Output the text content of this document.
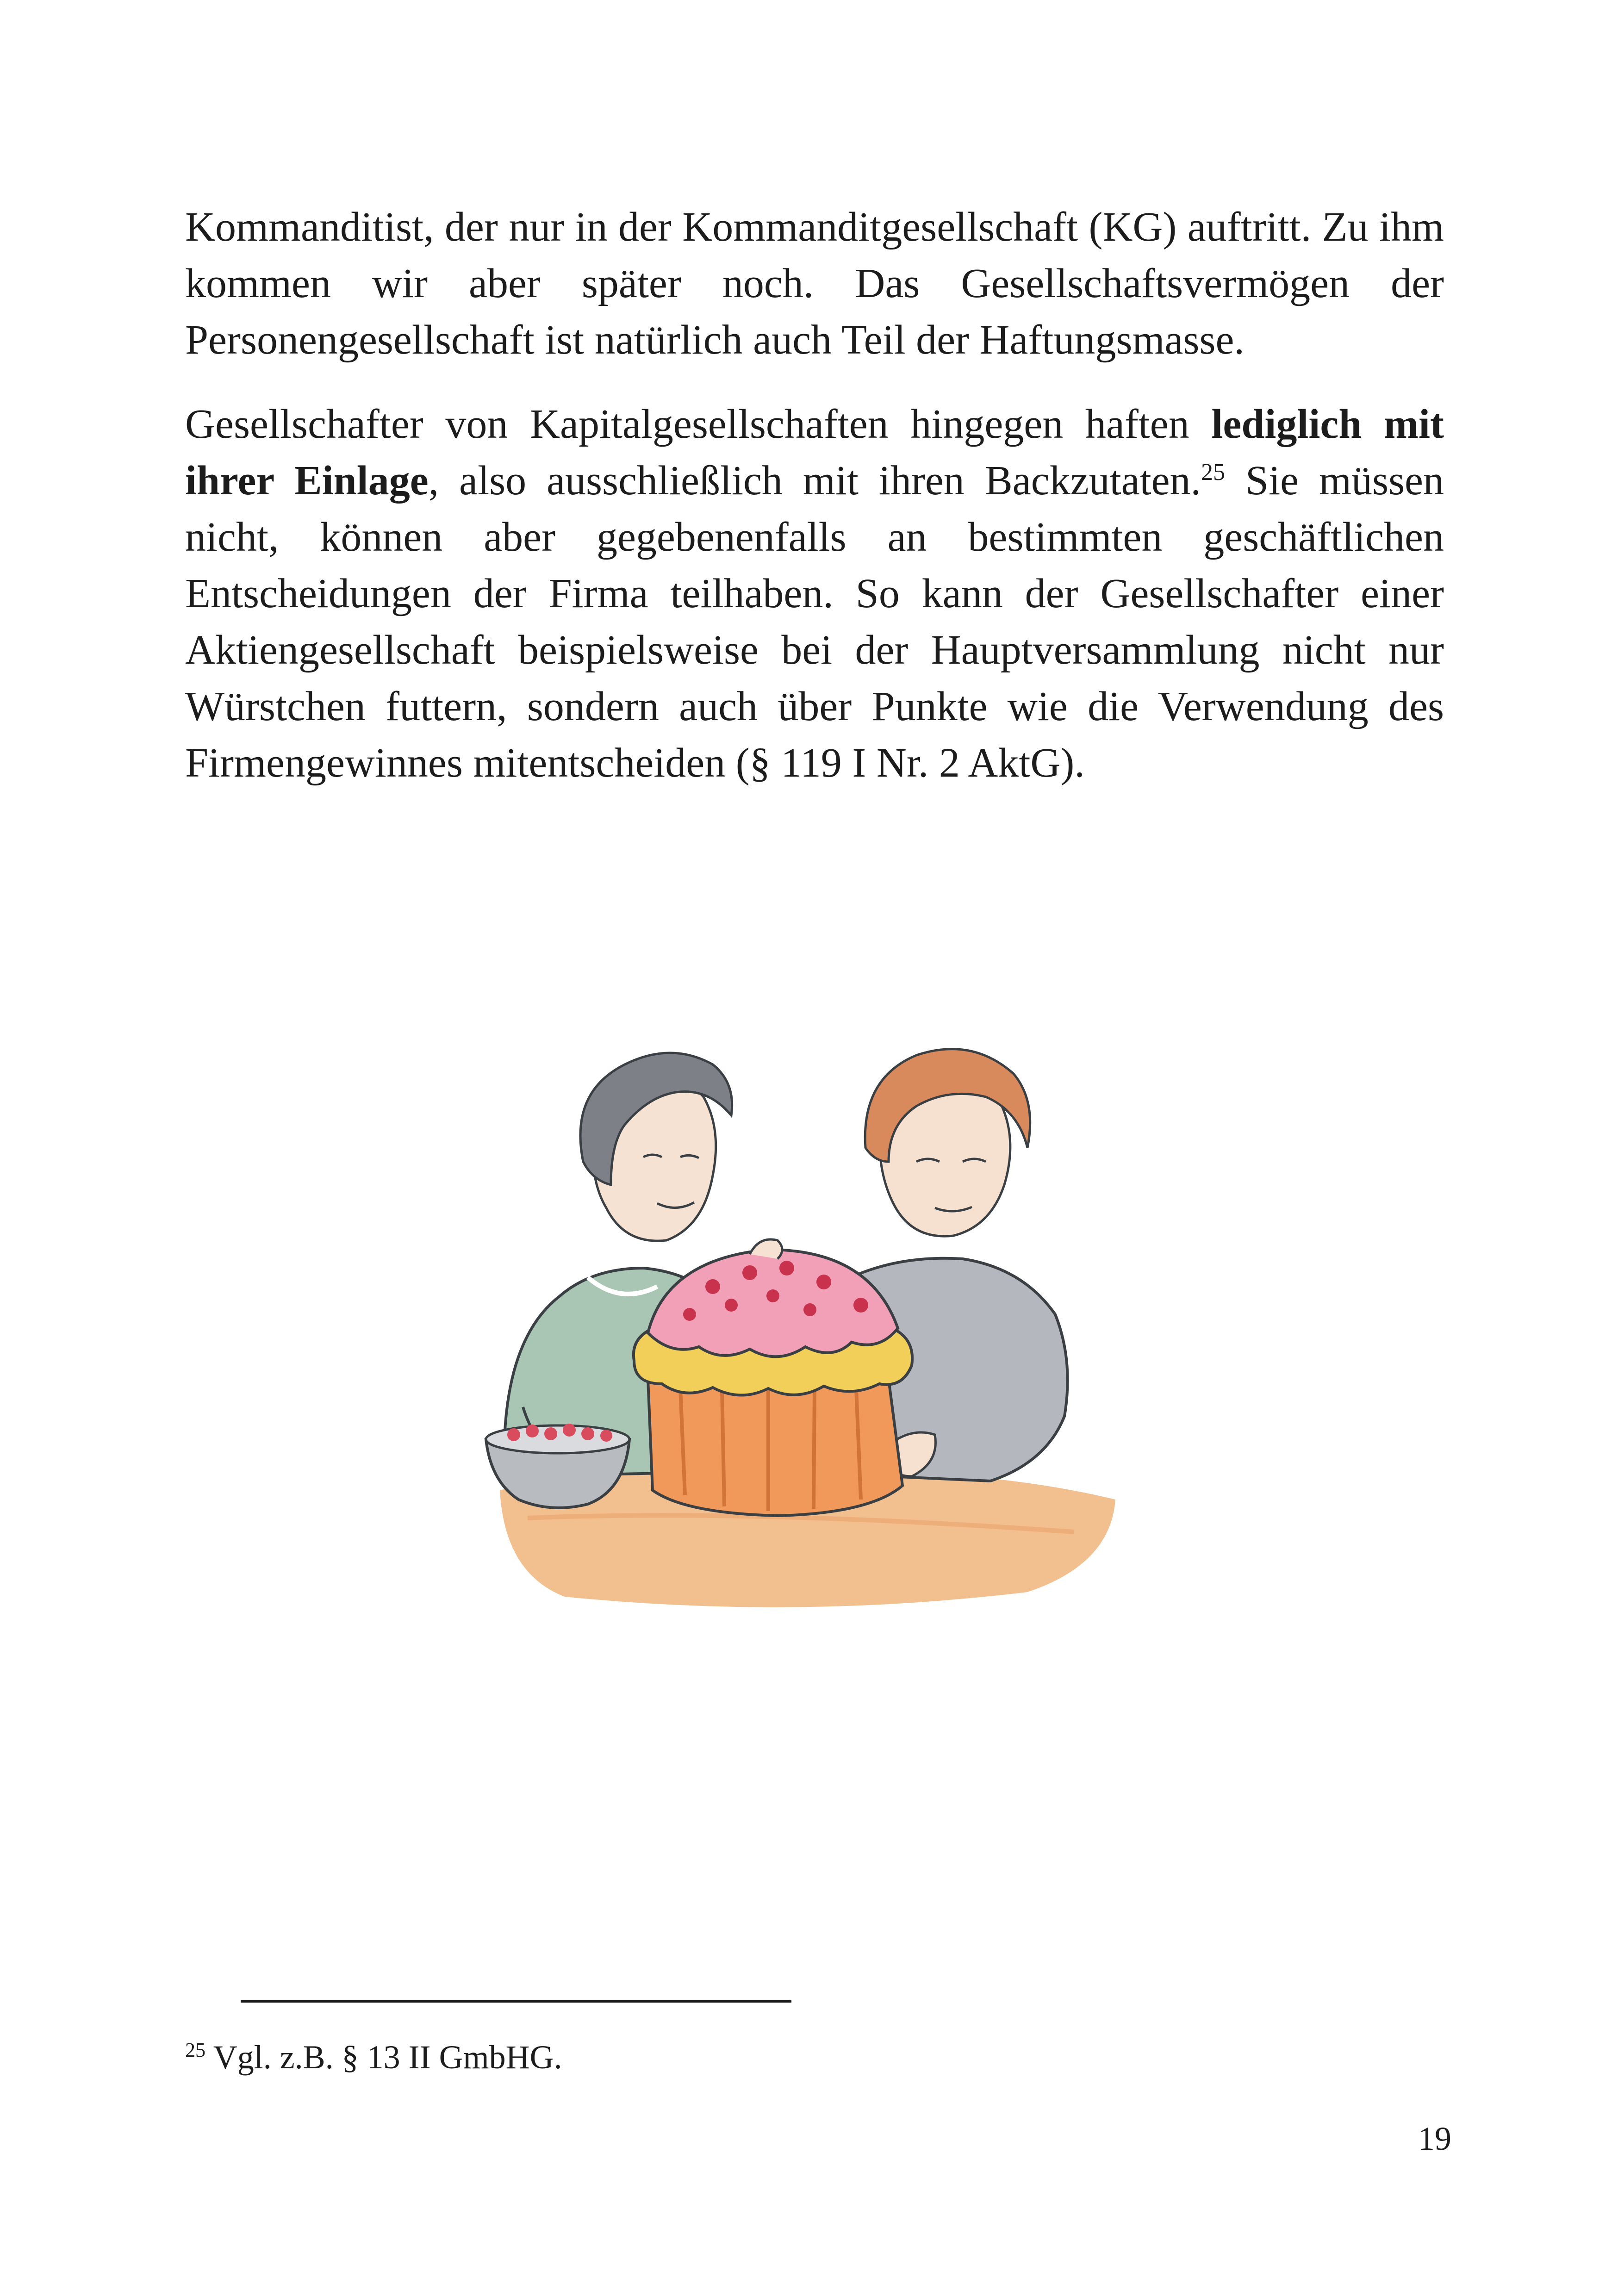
Kommanditist, der nur in der Kommanditgesellschaft (KG) auftritt. Zu ihm kommen wir aber später noch. Das Gesellschaftsvermögen der Personengesellschaft ist natürlich auch Teil der Haftungsmasse.

Gesellschafter von Kapitalgesellschaften hingegen haften lediglich mit ihrer Einlage, also ausschließlich mit ihren Backzutaten.$^{25}$ Sie müssen nicht, können aber gegebenenfalls an bestimmten geschäftlichen Entscheidungen der Firma teilhaben. So kann der Gesellschafter einer Aktiengesellschaft beispielsweise bei der Hauptversammlung nicht nur Würstchen futtern, sondern auch über Punkte wie die Verwendung des Firmengewinnes mitentscheiden (§ 119 I Nr. 2 AktG).

$^{25}$ Vgl. z.B. § 13 II GmbHG.
19
